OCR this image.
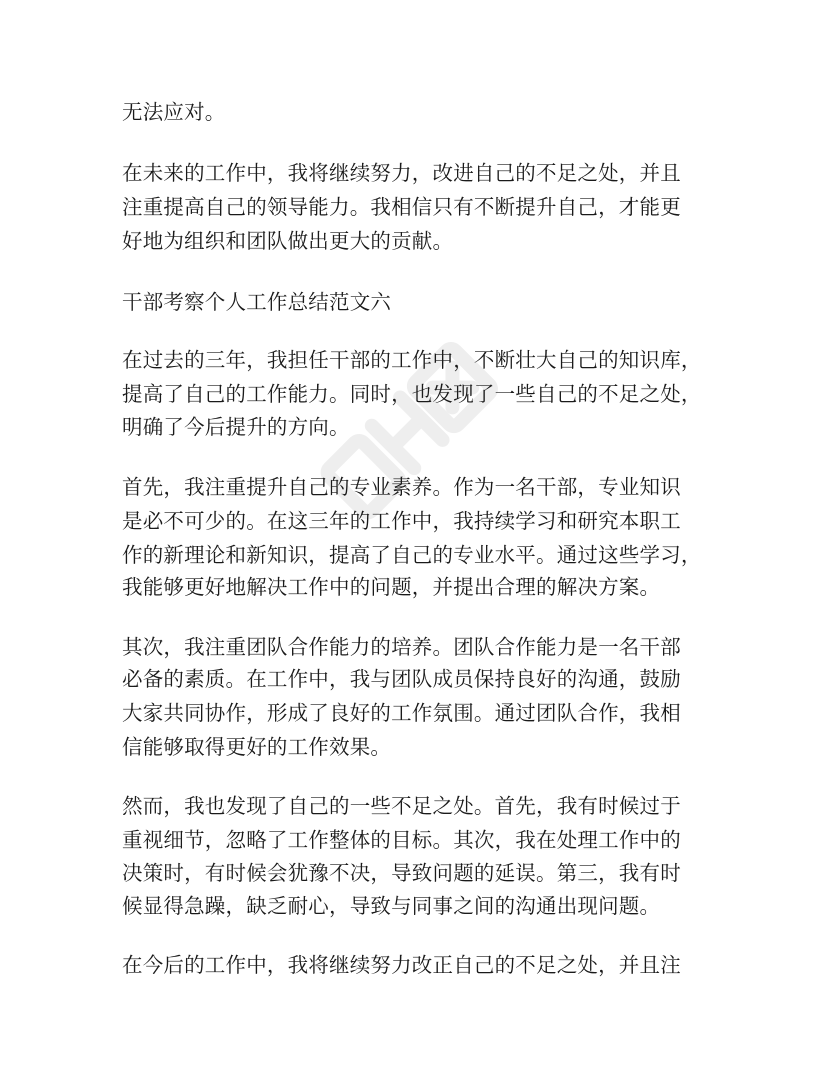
无法应对。
在未来的工作中，我将继续努力，改进自己的不足之处，并且
注重提高自己的领导能力。我相信只有不断提升自己，才能更
好地为组织和团队做出更大的贡献。
干部考察个人工作总结范文六
在过去的三年，我担任干部的工作中，不断壮大自己的知识库，
提高了自己的工作能力。同时，也发现了一些自己的不足之处，
明确了今后提升的方向。
首先，我注重提升自己的专业素养。作为一名干部，专业知识
是必不可少的。在这三年的工作中，我持续学习和研究本职工
作的新理论和新知识，提高了自己的专业水平。通过这些学习，
我能够更好地解决工作中的问题，并提出合理的解决方案。
其次，我注重团队合作能力的培养。团队合作能力是一名干部
必备的素质。在工作中，我与团队成员保持良好的沟通，鼓励
大家共同协作，形成了良好的工作氛围。通过团队合作，我相
信能够取得更好的工作效果。
然而，我也发现了自己的一些不足之处。首先，我有时候过于
重视细节，忽略了工作整体的目标。其次，我在处理工作中的
决策时，有时候会犹豫不决，导致问题的延误。第三，我有时
候显得急躁，缺乏耐心，导致与同事之间的沟通出现问题。
在今后的工作中，我将继续努力改正自己的不足之处，并且注
